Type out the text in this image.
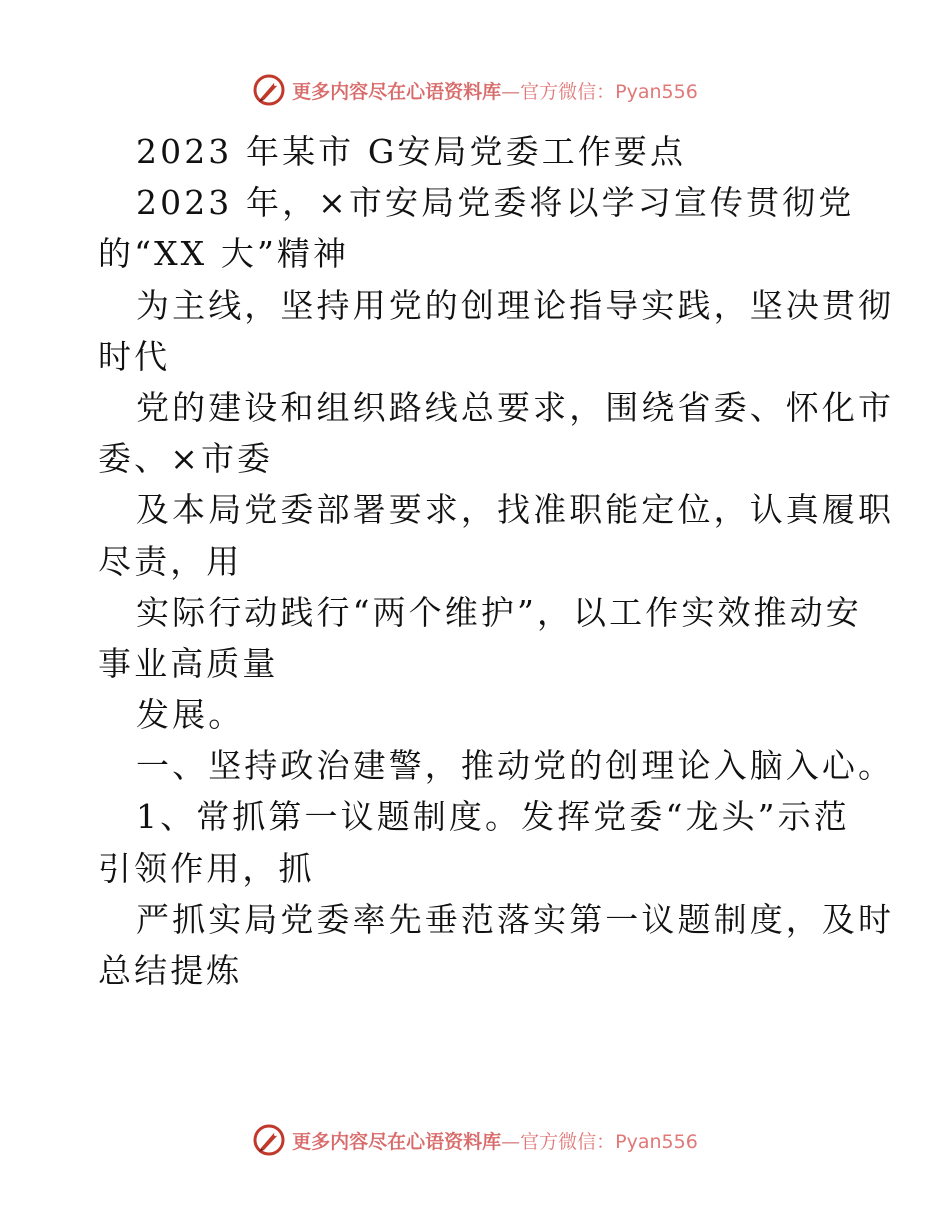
更多内容尽在心语资料库—官方微信：Pyan556
2023 年某市 G安局党委工作要点
2023 年，×市安局党委将以学习宣传贯彻党
的“XX 大”精神
为主线，坚持用党的创理论指导实践，坚决贯彻
时代
党的建设和组织路线总要求，围绕省委、怀化市
委、×市委
及本局党委部署要求，找准职能定位，认真履职
尽责，用
实际行动践行“两个维护”，以工作实效推动安
事业高质量
发展。
一、坚持政治建警，推动党的创理论入脑入心。
1、常抓第一议题制度。发挥党委“龙头”示范
引领作用，抓
严抓实局党委率先垂范落实第一议题制度，及时
总结提炼
更多内容尽在心语资料库—官方微信：Pyan556
